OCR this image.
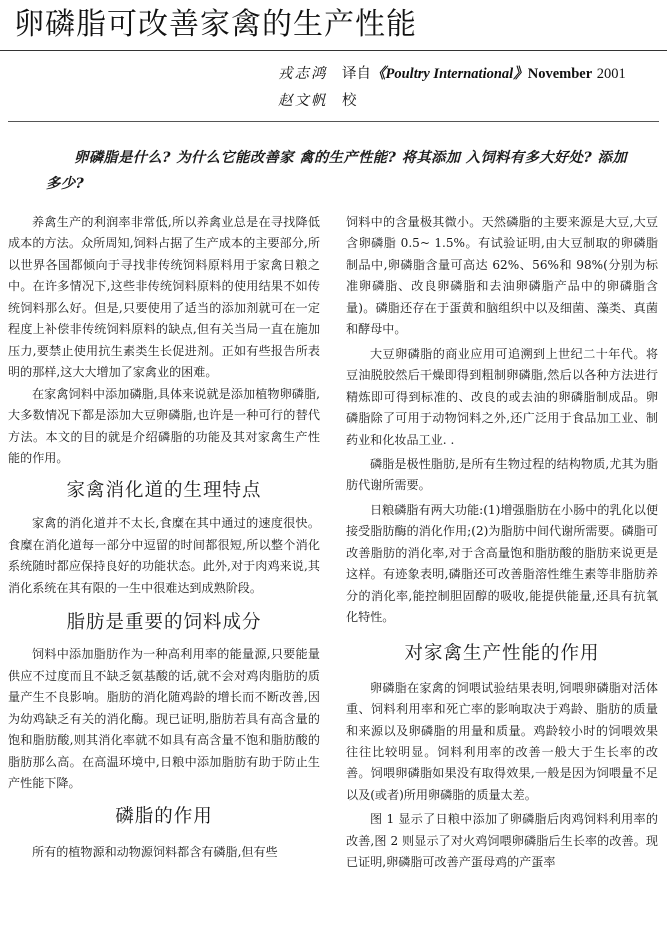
卵磷脂可改善家禽的生产性能
戎志鸿 译自《Poultry International》November 2001
赵文帆 校
卵磷脂是什么? 为什么它能改善家 禽的生产性能? 将其添加 入饲料有多大好处? 添加多少?

养禽生产的利润率非常低,所以养禽业总是在寻找降低成本的方法。众所周知,饲料占据了生产成本的主要部分,所以世界各国都倾向于寻找非传统饲料原料用于家禽日粮之中。在许多情况下,这些非传统饲料原料的使用结果不如传统饲料那么好。但是,只要使用了适当的添加剂就可在一定程度上补偿非传统饲料原料的缺点,但有关当局一直在施加压力,要禁止使用抗生素类生长促进剂。正如有些报告所表明的那样,这大大增加了家禽业的困难。

在家禽饲料中添加磷脂,具体来说就是添加植物卵磷脂,大多数情况下都是添加大豆卵磷脂,也许是一种可行的替代方法。本文的目的就是介绍磷脂的功能及其对家禽生产性能的作用。

家禽消化道的生理特点

家禽的消化道并不太长,食糜在其中通过的速度很快。食糜在消化道每一部分中逗留的时间都很短,所以整个消化系统随时都应保持良好的功能状态。此外,对于肉鸡来说,其消化系统在其有限的一生中很难达到成熟阶段。

脂肪是重要的饲料成分

饲料中添加脂肪作为一种高利用率的能量源,只要能量供应不过度而且不缺乏氨基酸的话,就不会对鸡肉脂肪的质量产生不良影响。脂肪的消化随鸡龄的增长而不断改善,因为幼鸡缺乏有关的消化酶。现已证明,脂肪若具有高含量的饱和脂肪酸,则其消化率就不如具有高含量不饱和脂肪酸的脂肪那么高。在高温环境中,日粮中添加脂肪有助于防止生产性能下降。

磷脂的作用

所有的植物源和动物源饲料都含有磷脂,但有些

饲料中的含量极其微小。天然磷脂的主要来源是大豆,大豆含卵磷脂 0.5~ 1.5%。有试验证明,由大豆制取的卵磷脂制品中,卵磷脂含量可高达 62%、56%和 98%(分别为标准卵磷脂、改良卵磷脂和去油卵磷脂产品中的卵磷脂含量)。磷脂还存在于蛋黄和脑组织中以及细菌、藻类、真菌和酵母中。

大豆卵磷脂的商业应用可追溯到上世纪二十年代。将豆油脱胶然后干燥即得到粗制卵磷脂,然后以各种方法进行精炼即可得到标准的、改良的或去油的卵磷脂制成品。卵磷脂除了可用于动物饲料之外,还广泛用于食品加工业、制药业和化妆品工业. .

磷脂是极性脂肪,是所有生物过程的结构物质,尤其为脂肪代谢所需要。

日粮磷脂有两大功能:(1)增强脂肪在小肠中的乳化以便接受脂肪酶的消化作用;(2)为脂肪中间代谢所需要。磷脂可改善脂肪的消化率,对于含高量饱和脂肪酸的脂肪来说更是这样。有迹象表明,磷脂还可改善脂溶性维生素等非脂肪养分的消化率,能控制胆固醇的吸收,能提供能量,还具有抗氧化特性。

对家禽生产性能的作用

卵磷脂在家禽的饲喂试验结果表明,饲喂卵磷脂对活体重、饲料利用率和死亡率的影响取决于鸡龄、脂肪的质量和来源以及卵磷脂的用量和质量。鸡龄较小时的饲喂效果往往比较明显。饲料利用率的改善一般大于生长率的改善。饲喂卵磷脂如果没有取得效果,一般是因为饲喂量不足以及(或者)所用卵磷脂的质量太差。

图 1 显示了日粮中添加了卵磷脂后肉鸡饲料利用率的改善,图 2 则显示了对火鸡饲喂卵磷脂后生长率的改善。现已证明,卵磷脂可改善产蛋母鸡的产蛋率
